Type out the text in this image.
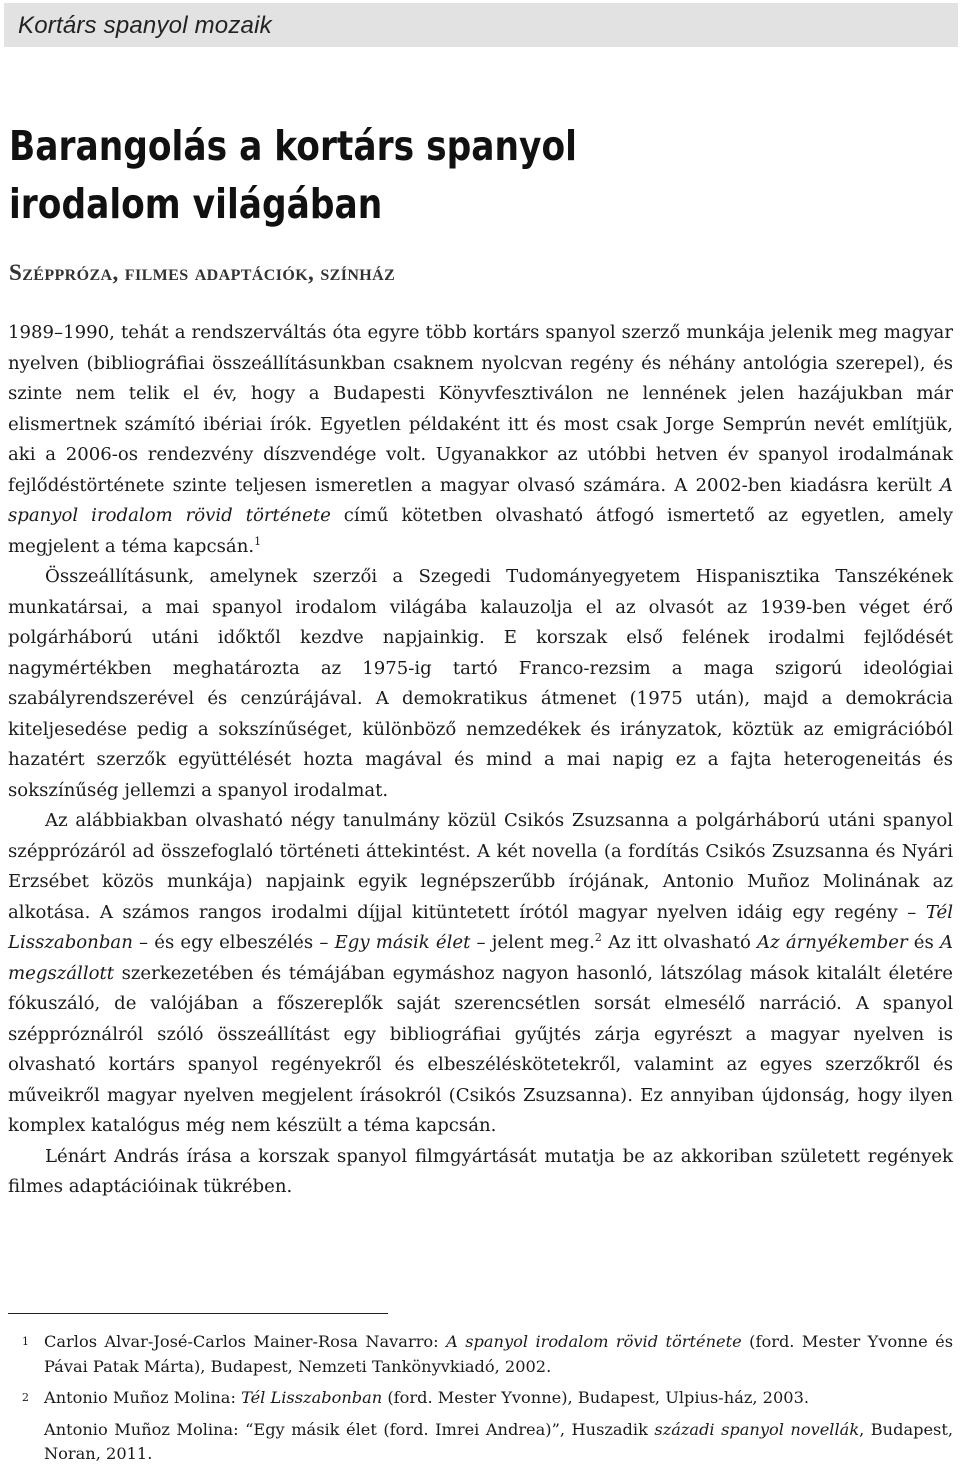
Kortárs spanyol mozaik
Barangolás a kortárs spanyol irodalom világában
Széppróza, filmes adaptációk, színház

1989–1990, tehát a rendszerváltás óta egyre több kortárs spanyol szerző munkája jelenik meg magyar nyelven (bibliográfiai összeállításunkban csaknem nyolcvan regény és néhány antológia szerepel), és szinte nem telik el év, hogy a Budapesti Könyvfesztiválon ne lennének jelen hazájukban már elismertnek számító ibériai írók. Egyetlen példaként itt és most csak Jorge Semprún nevét említjük, aki a 2006-os rendezvény díszvendége volt. Ugyanakkor az utóbbi hetven év spanyol irodalmának fejlődéstörténete szinte teljesen ismeretlen a magyar olvasó számára. A 2002-ben kiadásra került A spanyol irodalom rövid története című kötetben olvasható átfogó ismertető az egyetlen, amely megjelent a téma kapcsán.$^1$

Összeállításunk, amelynek szerzői a Szegedi Tudományegyetem Hispanisztika Tanszékének munkatársai, a mai spanyol irodalom világába kalauzolja el az olvasót az 1939-ben véget érő polgárháború utáni időktől kezdve napjainkig. E korszak első felének irodalmi fejlődését nagymértékben meghatározta az 1975-ig tartó Franco-rezsim a maga szigorú ideológiai szabályrendszerével és cenzúrájával. A demokratikus átmenet (1975 után), majd a demokrácia kiteljesedése pedig a sokszínűséget, különböző nemzedékek és irányzatok, köztük az emigrációból hazatért szerzők együttélését hozta magával és mind a mai napig ez a fajta heterogeneitás és sokszínűség jellemzi a spanyol irodalmat.

Az alábbiakban olvasható négy tanulmány közül Csikós Zsuzsanna a polgárháború utáni spanyol szépprózáról ad összefoglaló történeti áttekintést. A két novella (a fordítás Csikós Zsuzsanna és Nyári Erzsébet közös munkája) napjaink egyik legnépszerűbb írójának, Antonio Muñoz Molinának az alkotása. A számos rangos irodalmi díjjal kitüntetett írótól magyar nyelven idáig egy regény – Tél Lisszabonban – és egy elbeszélés – Egy másik élet – jelent meg.$^2$ Az itt olvasható Az árnyékember és A megszállott szerkezetében és témájában egymáshoz nagyon hasonló, látszólag mások kitalált életére fókuszáló, de valójában a főszereplők saját szerencsétlen sorsát elmesélő narráció. A spanyol széppróználról szóló összeállítást egy bibliográfiai gyűjtés zárja egyrészt a magyar nyelven is olvasható kortárs spanyol regényekről és elbeszéléskötetekről, valamint az egyes szerzőkről és műveikről magyar nyelven megjelent írásokról (Csikós Zsuzsanna). Ez annyiban újdonság, hogy ilyen komplex katalógus még nem készült a téma kapcsán.

Lénárt András írása a korszak spanyol filmgyártását mutatja be az akkoriban született regények filmes adaptációinak tükrében.

1 Carlos Alvar-José-Carlos Mainer-Rosa Navarro: A spanyol irodalom rövid története (ford. Mester Yvonne és Pávai Patak Márta), Budapest, Nemzeti Tankönyvkiadó, 2002.
2 Antonio Muñoz Molina: Tél Lisszabonban (ford. Mester Yvonne), Budapest, Ulpius-ház, 2003.
Antonio Muñoz Molina: “Egy másik élet (ford. Imrei Andrea)”, Huszadik századi spanyol novellák, Budapest, Noran, 2011.
